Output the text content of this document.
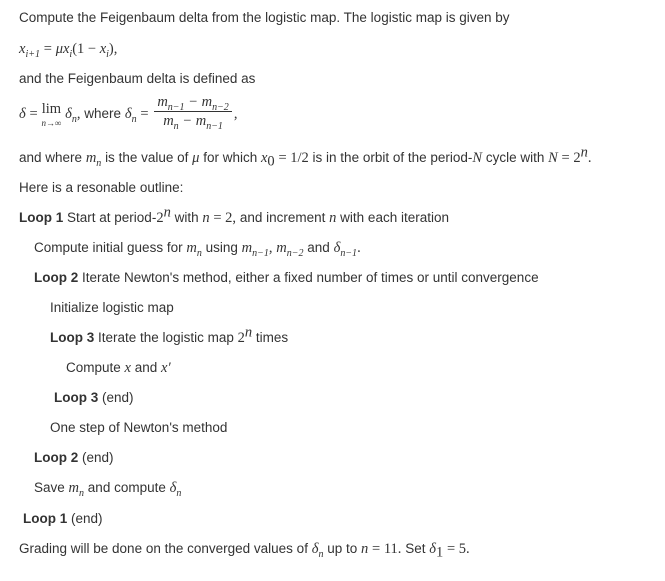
Compute the Feigenbaum delta from the logistic map. The logistic map is given by
$x_{i+1} = \mu x_i(1 - x_i)$,
and the Feigenbaum delta is defined as
δ = lim
n→∞
$\delta_n$, where $\delta_n = \frac{m_{n-1} - m_{n-2}}{m_n - m_{n-1}}$ ,
and where $m_n$ is the value of μ for which $x_0 = 1/2$ is in the orbit of the period-N cycle with $N = 2^n$.
Here is a resonable outline:
Loop 1 Start at period-2$^n$ with n = 2, and increment n with each iteration
Compute initial guess for $m_n$ using $m_{n-1}$, $m_{n-2}$ and $\delta_{n-1}$.
Loop 2 Iterate Newton's method, either a fixed number of times or until convergence
Initialize logistic map
Loop 3 Iterate the logistic map 2$^n$ times
Compute x and x′
Loop 3 (end)
One step of Newton's method
Loop 2 (end)
Save $m_n$ and compute $\delta_n$
Loop 1 (end)
Grading will be done on the converged values of $\delta_n$ up to n = 11. Set $\delta_1 = 5$.
